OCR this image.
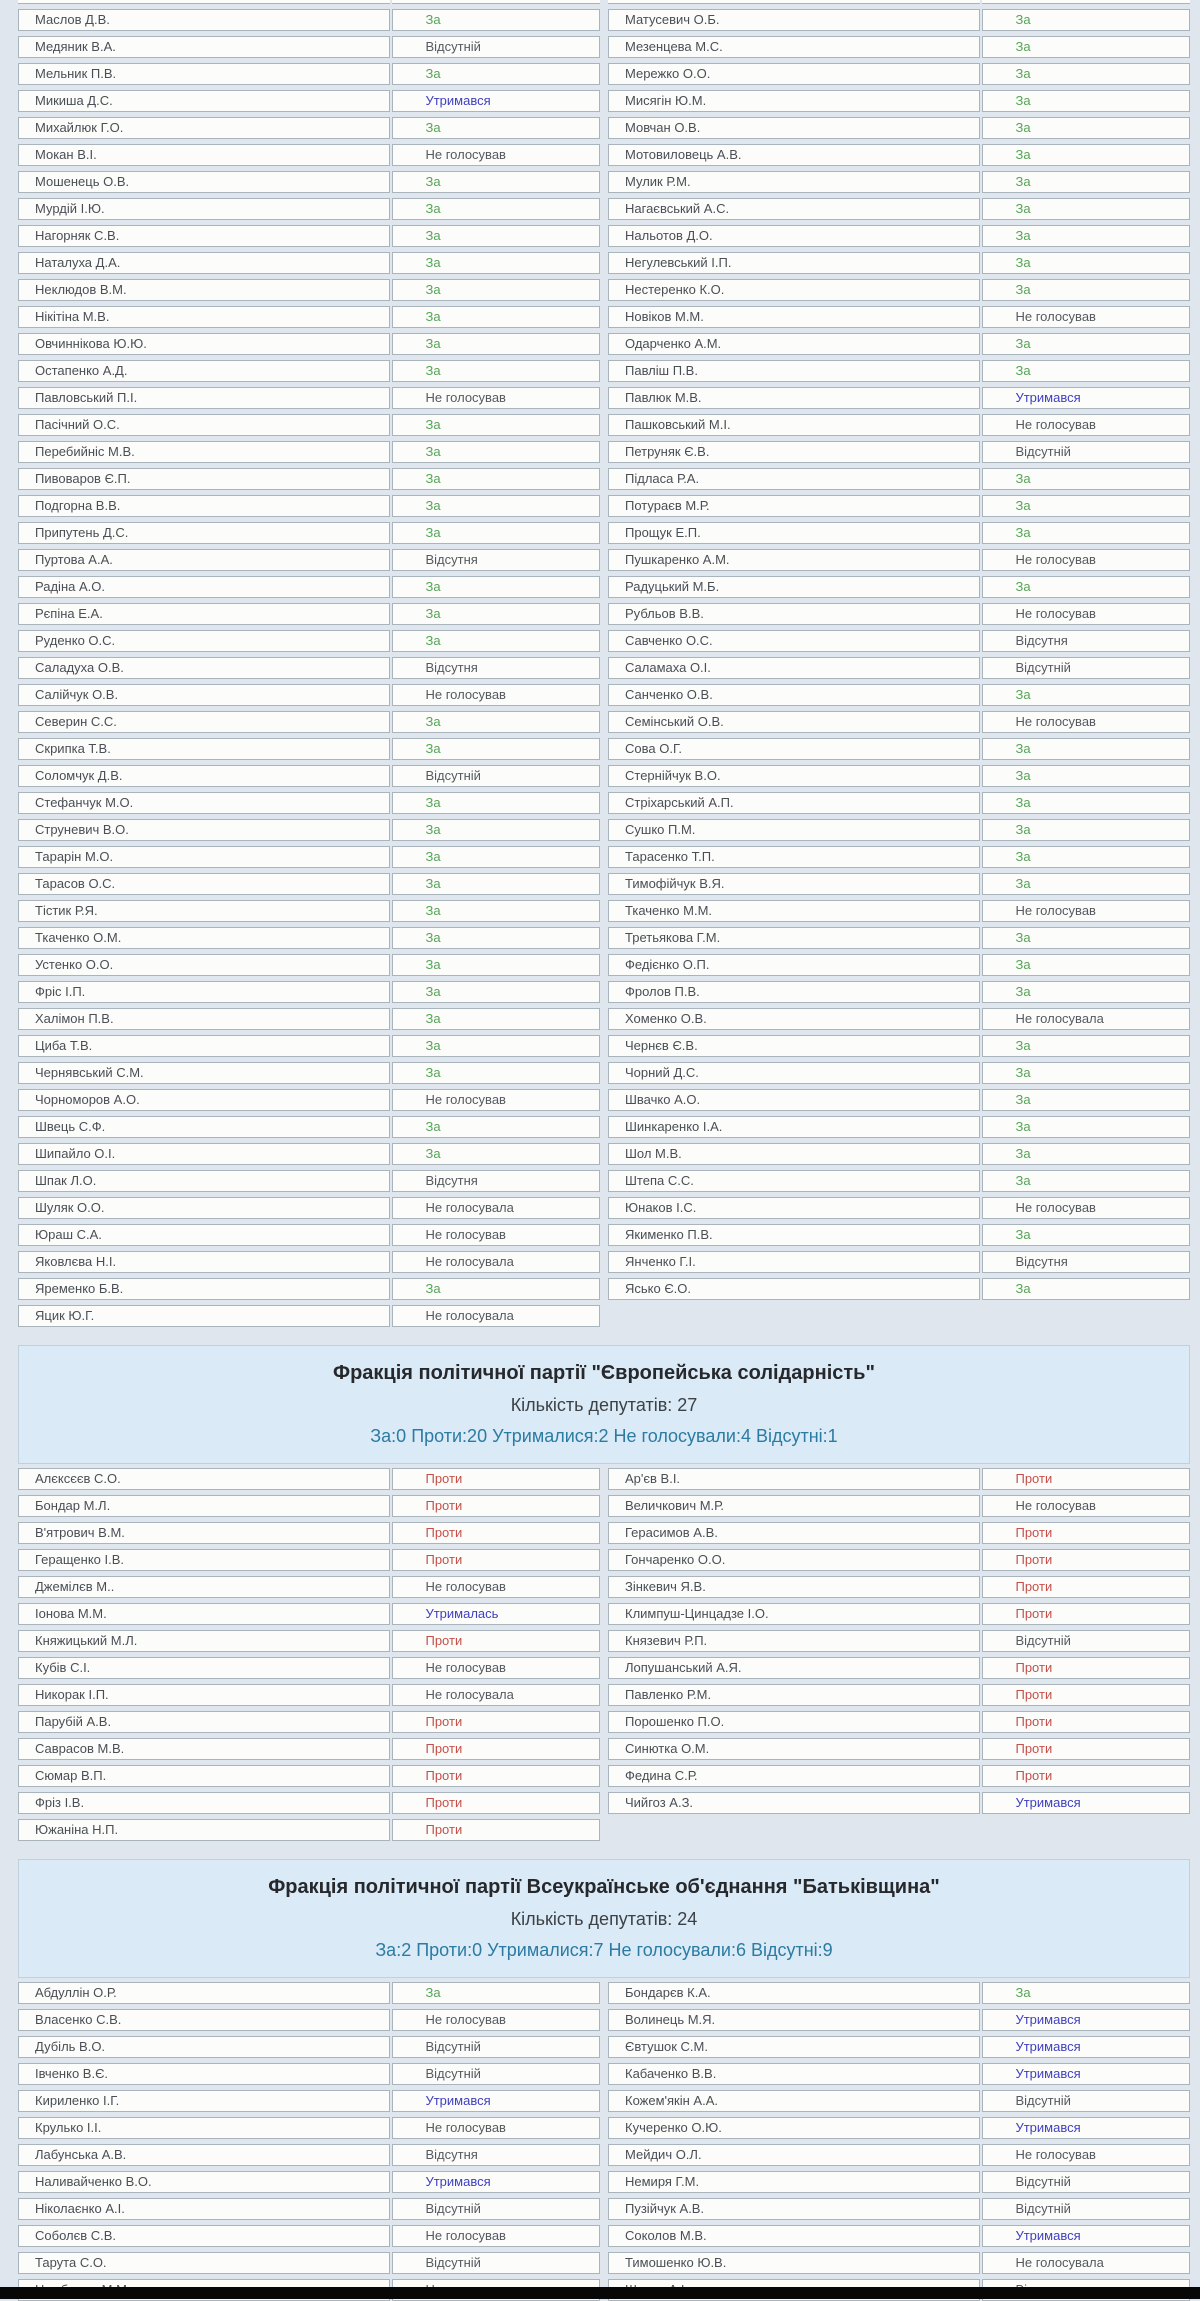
Маслов Д.В.	За
Медяник В.А.	Відсутній
Мельник П.В.	За
Микиша Д.С.	Утримався
Михайлюк Г.О.	За
Мокан В.І.	Не голосував
Мошенець О.В.	За
Мурдій І.Ю.	За
Нагорняк С.В.	За
Наталуха Д.А.	За
Неклюдов В.М.	За
Нікітіна М.В.	За
Овчиннікова Ю.Ю.	За
Остапенко А.Д.	За
Павловський П.І.	Не голосував
Пасічний О.С.	За
Перебийніс М.В.	За
Пивоваров Є.П.	За
Подгорна В.В.	За
Припутень Д.С.	За
Пуртова А.А.	Відсутня
Радіна А.О.	За
Рєпіна Е.А.	За
Руденко О.С.	За
Саладуха О.В.	Відсутня
Салійчук О.В.	Не голосував
Северин С.С.	За
Скрипка Т.В.	За
Соломчук Д.В.	Відсутній
Стефанчук М.О.	За
Струневич В.О.	За
Тарарін М.О.	За
Тарасов О.С.	За
Тістик Р.Я.	За
Ткаченко О.М.	За
Устенко О.О.	За
Фріс І.П.	За
Халімон П.В.	За
Циба Т.В.	За
Чернявський С.М.	За
Чорноморов А.О.	Не голосував
Швець С.Ф.	За
Шипайло О.І.	За
Шпак Л.О.	Відсутня
Шуляк О.О.	Не голосувала
Юраш С.А.	Не голосував
Яковлєва Н.І.	Не голосувала
Яременко Б.В.	За
Яцик Ю.Г.	Не голосувала
Матусевич О.Б.	За
Мезенцева М.С.	За
Мережко О.О.	За
Мисягін Ю.М.	За
Мовчан О.В.	За
Мотовиловець А.В.	За
Мулик Р.М.	За
Нагаєвський А.С.	За
Нальотов Д.О.	За
Негулевський І.П.	За
Нестеренко К.О.	За
Новіков М.М.	Не голосував
Одарченко А.М.	За
Павліш П.В.	За
Павлюк М.В.	Утримався
Пашковський М.І.	Не голосував
Петруняк Є.В.	Відсутній
Підласа Р.А.	За
Потураєв М.Р.	За
Прощук Е.П.	За
Пушкаренко А.М.	Не голосував
Радуцький М.Б.	За
Рубльов В.В.	Не голосував
Савченко О.С.	Відсутня
Саламаха О.І.	Відсутній
Санченко О.В.	За
Семінський О.В.	Не голосував
Сова О.Г.	За
Стернійчук В.О.	За
Стріхарський А.П.	За
Сушко П.М.	За
Тарасенко Т.П.	За
Тимофійчук В.Я.	За
Ткаченко М.М.	Не голосував
Третьякова Г.М.	За
Федієнко О.П.	За
Фролов П.В.	За
Хоменко О.В.	Не голосувала
Чернєв Є.В.	За
Чорний Д.С.	За
Швачко А.О.	За
Шинкаренко І.А.	За
Шол М.В.	За
Штепа С.С.	За
Юнаков І.С.	Не голосував
Якименко П.В.	За
Янченко Г.І.	Відсутня
Ясько Є.О.	За
Фракція політичної партії "Європейська солідарність"
Кількість депутатів: 27
За:0 Проти:20 Утрималися:2 Не голосували:4 Відсутні:1
Алєксєєв С.О.	Проти
Бондар М.Л.	Проти
В'ятрович В.М.	Проти
Геращенко І.В.	Проти
Джемілєв М..	Не голосував
Іонова М.М.	Утрималась
Княжицький М.Л.	Проти
Кубів С.І.	Не голосував
Никорак І.П.	Не голосувала
Парубій А.В.	Проти
Саврасов М.В.	Проти
Сюмар В.П.	Проти
Фріз І.В.	Проти
Южаніна Н.П.	Проти
Ар'єв В.І.	Проти
Величкович М.Р.	Не голосував
Герасимов А.В.	Проти
Гончаренко О.О.	Проти
Зінкевич Я.В.	Проти
Климпуш-Цинцадзе І.О.	Проти
Князевич Р.П.	Відсутній
Лопушанський А.Я.	Проти
Павленко Р.М.	Проти
Порошенко П.О.	Проти
Синютка О.М.	Проти
Федина С.Р.	Проти
Чийгоз А.З.	Утримався
Фракція політичної партії Всеукраїнське об'єднання "Батьківщина"
Кількість депутатів: 24
За:2 Проти:0 Утрималися:7 Не голосували:6 Відсутні:9
Абдуллін О.Р.	За
Власенко С.В.	Не голосував
Дубіль В.О.	Відсутній
Івченко В.Є.	Відсутній
Кириленко І.Г.	Утримався
Крулько І.І.	Не голосував
Лабунська А.В.	Відсутня
Наливайченко В.О.	Утримався
Ніколаєнко А.І.	Відсутній
Соболєв С.В.	Не голосував
Тарута С.О.	Відсутній
Бондарєв К.А.	За
Волинець М.Я.	Утримався
Євтушок С.М.	Утримався
Кабаченко В.В.	Утримався
Кожем'якін А.А.	Відсутній
Кучеренко О.Ю.	Утримався
Мейдич О.Л.	Не голосував
Немиря Г.М.	Відсутній
Пузійчук А.В.	Відсутній
Соколов М.В.	Утримався
Тимошенко Ю.В.	Не голосувала
